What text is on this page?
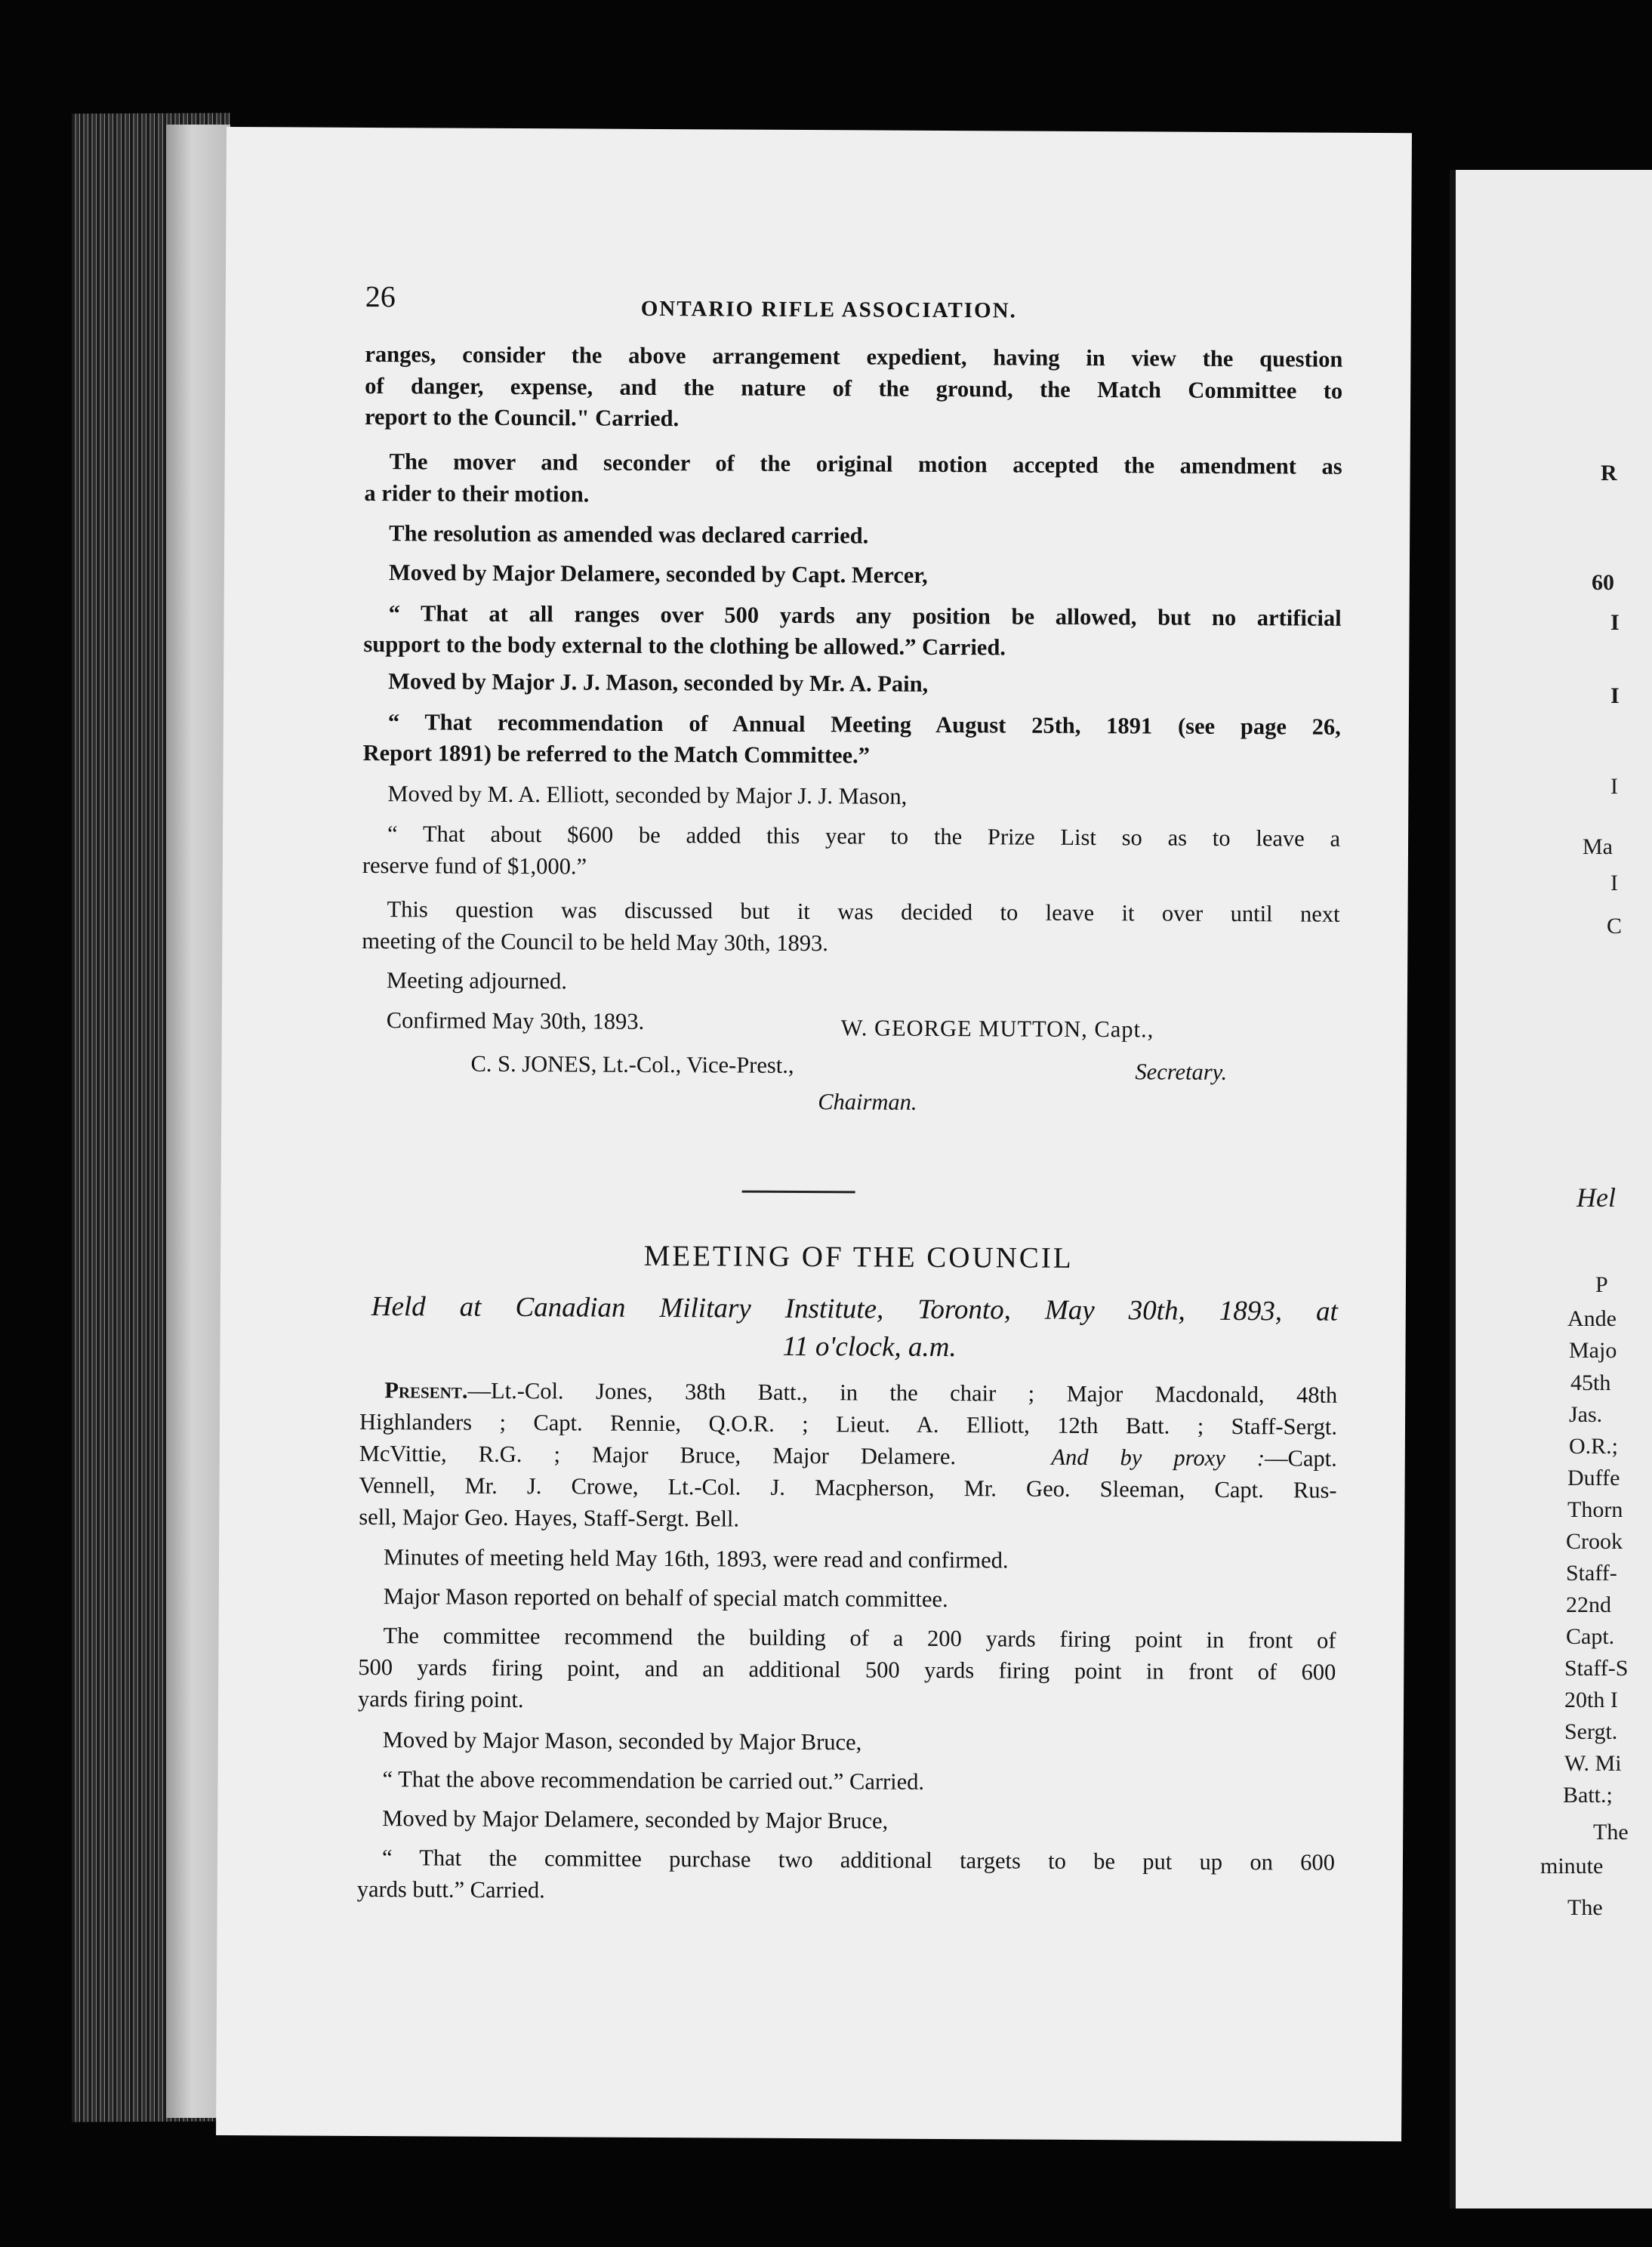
26	ONTARIO RIFLE ASSOCIATION.
ranges, consider the above arrangement expedient, having in view the question
of danger, expense, and the nature of the ground, the Match Committee to
report to the Council." Carried.
The mover and seconder of the original motion accepted the amendment as
a rider to their motion.
The resolution as amended was declared carried.
Moved by Major Delamere, seconded by Capt. Mercer,
“ That at all ranges over 500 yards any position be allowed, but no artificial
support to the body external to the clothing be allowed.” Carried.
Moved by Major J. J. Mason, seconded by Mr. A. Pain,
“ That recommendation of Annual Meeting August 25th, 1891 (see page 26,
Report 1891) be referred to the Match Committee.”
Moved by M. A. Elliott, seconded by Major J. J. Mason,
“ That about $600 be added this year to the Prize List so as to leave a
reserve fund of $1,000.”
This question was discussed but it was decided to leave it over until next
meeting of the Council to be held May 30th, 1893.
Meeting adjourned.
Confirmed May 30th, 1893.	W. GEORGE MUTTON, Capt.,
C. S. JONES, Lt.-Col., Vice-Prest.,	Secretary.
Chairman.
MEETING OF THE COUNCIL
Held at Canadian Military Institute, Toronto, May 30th, 1893, at
11 o'clock, a.m.
Present.—Lt.-Col. Jones, 38th Batt., in the chair ; Major Macdonald, 48th
Highlanders ; Capt. Rennie, Q.O.R. ; Lieut. A. Elliott, 12th Batt. ; Staff-Sergt.
McVittie, R.G. ; Major Bruce, Major Delamere.	And by proxy :—Capt.
Vennell, Mr. J. Crowe, Lt.-Col. J. Macpherson, Mr. Geo. Sleeman, Capt. Rus-
sell, Major Geo. Hayes, Staff-Sergt. Bell.
Minutes of meeting held May 16th, 1893, were read and confirmed.
Major Mason reported on behalf of special match committee.
The committee recommend the building of a 200 yards firing point in front of
500 yards firing point, and an additional 500 yards firing point in front of 600
yards firing point.
Moved by Major Mason, seconded by Major Bruce,
“ That the above recommendation be carried out.” Carried.
Moved by Major Delamere, seconded by Major Bruce,
“ That the committee purchase two additional targets to be put up on 600
yards butt.” Carried.
R
60
I
I
I
Ma
I
C
Hel
P
Ande
Majo
45th
Jas.
O.R.;
Duffe
Thorn
Crook
Staff-
22nd
Capt.
Staff-S
20th I
Sergt.
W. Mi
Batt.;
The
minute
The
